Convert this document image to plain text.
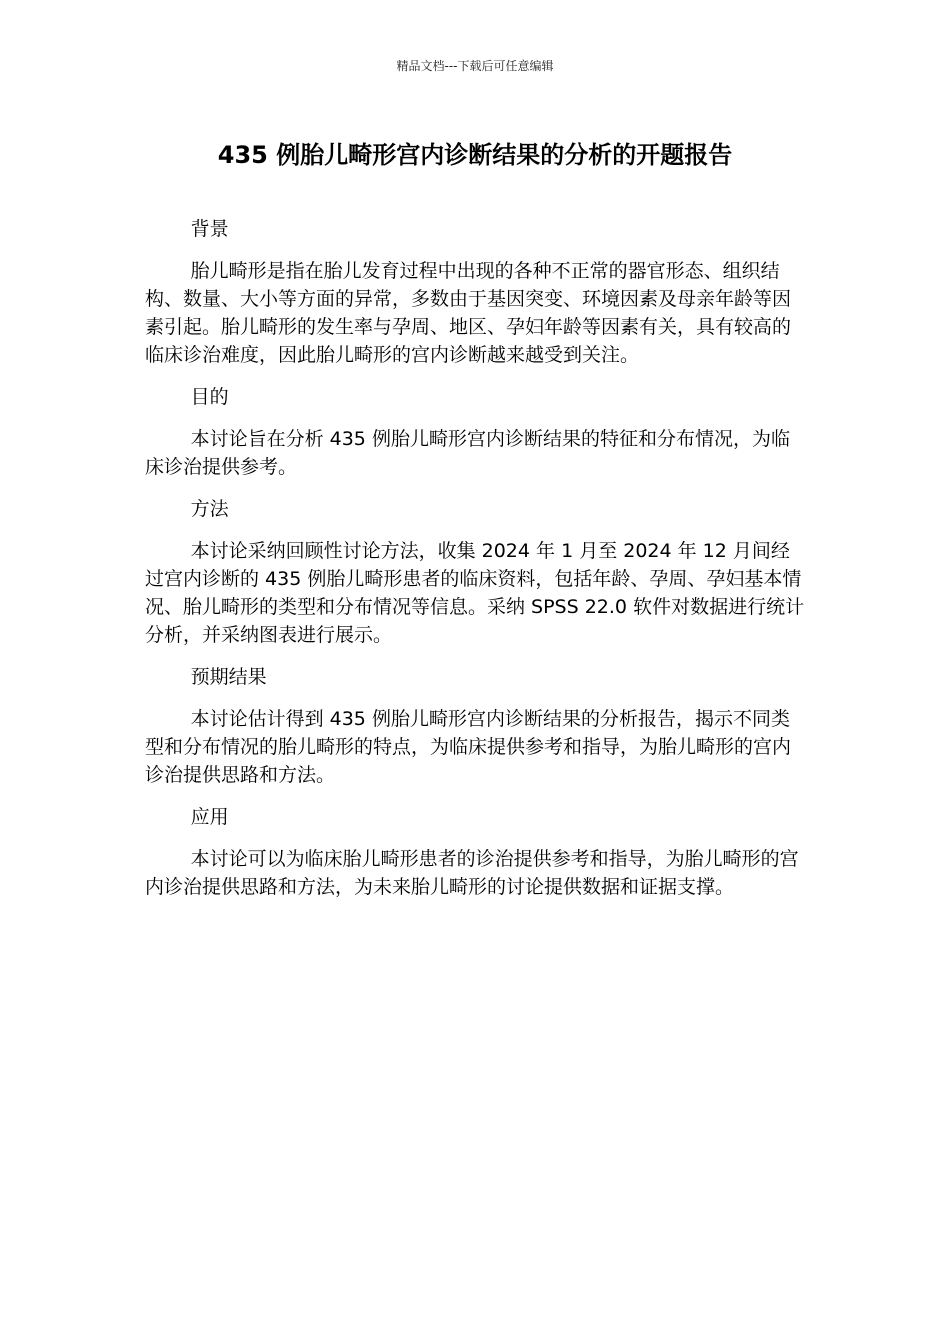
精品文档---下载后可任意编辑
435 例胎儿畸形宫内诊断结果的分析的开题报告

背景

胎儿畸形是指在胎儿发育过程中出现的各种不正常的器官形态、组织结构、数量、大小等方面的异常，多数由于基因突变、环境因素及母亲年龄等因素引起。胎儿畸形的发生率与孕周、地区、孕妇年龄等因素有关，具有较高的临床诊治难度，因此胎儿畸形的宫内诊断越来越受到关注。

目的

本讨论旨在分析 435 例胎儿畸形宫内诊断结果的特征和分布情况，为临床诊治提供参考。

方法

本讨论采纳回顾性讨论方法，收集 2024 年 1 月至 2024 年 12 月间经过宫内诊断的 435 例胎儿畸形患者的临床资料，包括年龄、孕周、孕妇基本情况、胎儿畸形的类型和分布情况等信息。采纳 SPSS 22.0 软件对数据进行统计分析，并采纳图表进行展示。

预期结果

本讨论估计得到 435 例胎儿畸形宫内诊断结果的分析报告，揭示不同类型和分布情况的胎儿畸形的特点，为临床提供参考和指导，为胎儿畸形的宫内诊治提供思路和方法。

应用

本讨论可以为临床胎儿畸形患者的诊治提供参考和指导，为胎儿畸形的宫内诊治提供思路和方法，为未来胎儿畸形的讨论提供数据和证据支撑。
